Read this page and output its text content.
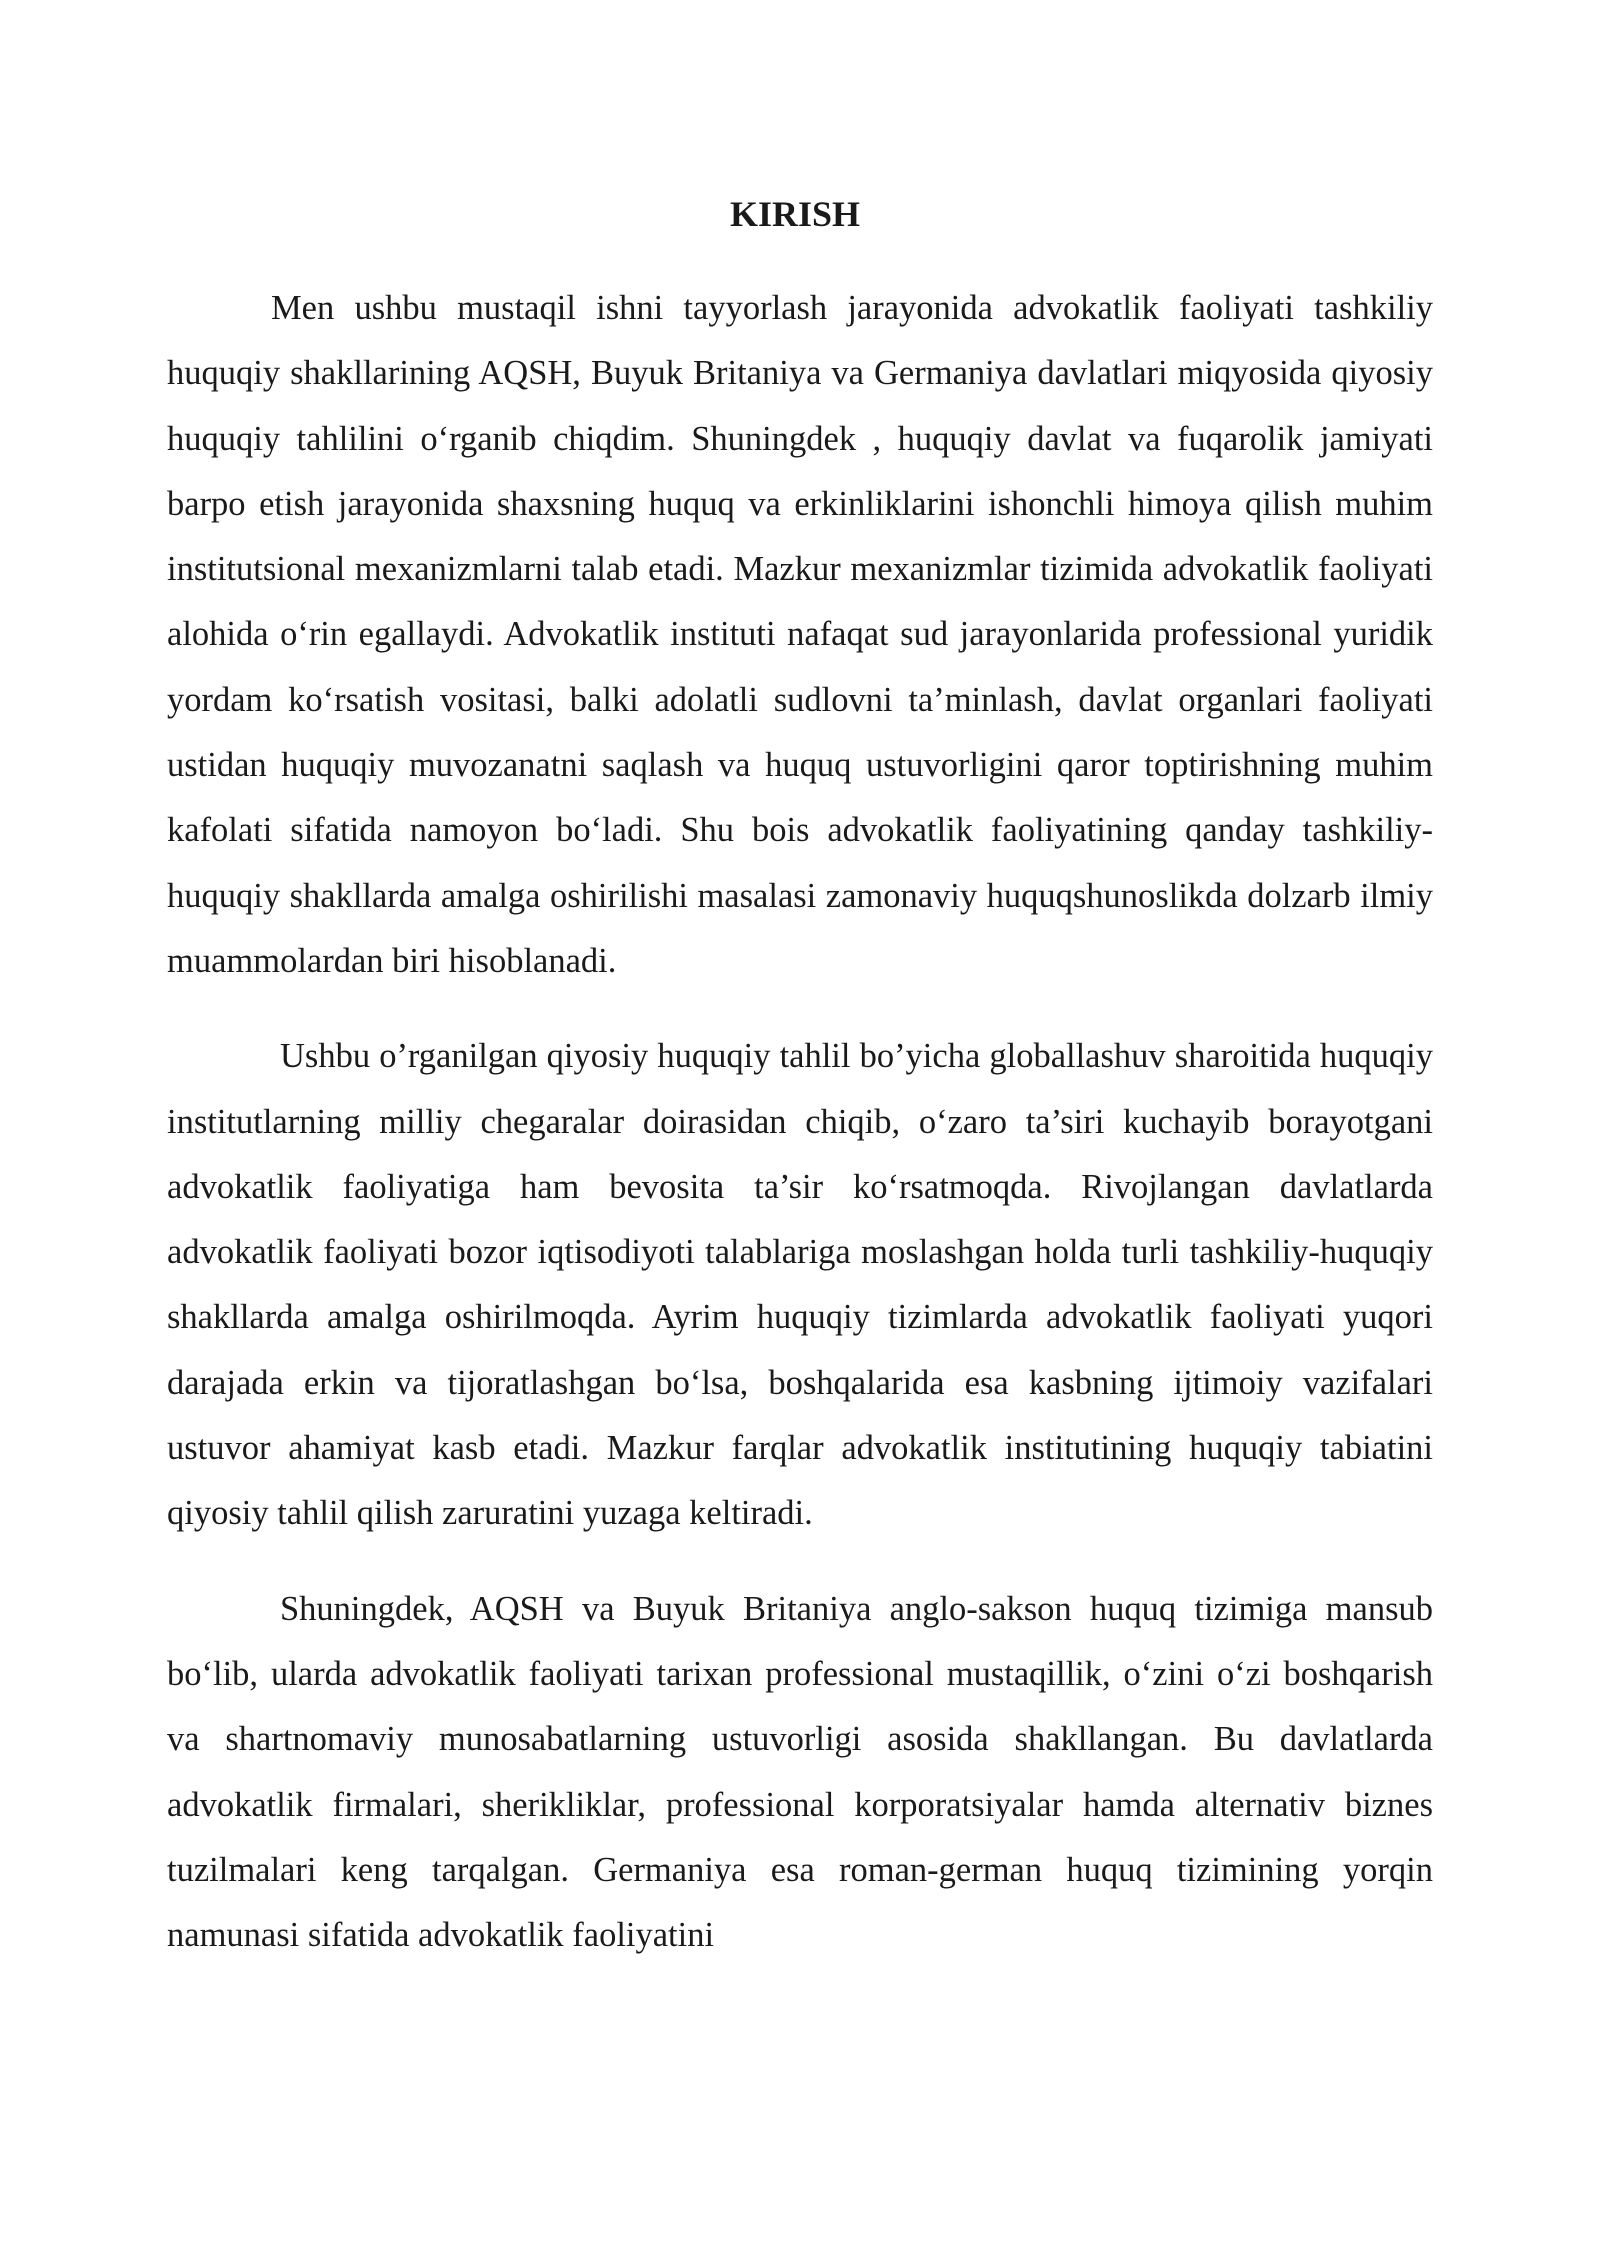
KIRISH

Men ushbu mustaqil ishni tayyorlash jarayonida advokatlik faoliyati tashkiliy huquqiy shakllarining AQSH, Buyuk Britaniya va Germaniya davlatlari miqyosida qiyosiy huquqiy tahlilini o‘rganib chiqdim. Shuningdek , huquqiy davlat va fuqarolik jamiyati barpo etish jarayonida shaxsning huquq va erkinliklarini ishonchli himoya qilish muhim institutsional mexanizmlarni talab etadi. Mazkur mexanizmlar tizimida advokatlik faoliyati alohida o‘rin egallaydi. Advokatlik instituti nafaqat sud jarayonlarida professional yuridik yordam ko‘rsatish vositasi, balki adolatli sudlovni ta’minlash, davlat organlari faoliyati ustidan huquqiy muvozanatni saqlash va huquq ustuvorligini qaror toptirishning muhim kafolati sifatida namoyon bo‘ladi. Shu bois advokatlik faoliyatining qanday tashkiliy-huquqiy shakllarda amalga oshirilishi masalasi zamonaviy huquqshunoslikda dolzarb ilmiy muammolardan biri hisoblanadi.

Ushbu o’rganilgan qiyosiy huquqiy tahlil bo’yicha globallashuv sharoitida huquqiy institutlarning milliy chegaralar doirasidan chiqib, o‘zaro ta’siri kuchayib borayotgani advokatlik faoliyatiga ham bevosita ta’sir ko‘rsatmoqda. Rivojlangan davlatlarda advokatlik faoliyati bozor iqtisodiyoti talablariga moslashgan holda turli tashkiliy-huquqiy shakllarda amalga oshirilmoqda. Ayrim huquqiy tizimlarda advokatlik faoliyati yuqori darajada erkin va tijoratlashgan bo‘lsa, boshqalarida esa kasbning ijtimoiy vazifalari ustuvor ahamiyat kasb etadi. Mazkur farqlar advokatlik institutining huquqiy tabiatini qiyosiy tahlil qilish zaruratini yuzaga keltiradi.

Shuningdek, AQSH va Buyuk Britaniya anglo-sakson huquq tizimiga mansub bo‘lib, ularda advokatlik faoliyati tarixan professional mustaqillik, o‘zini o‘zi boshqarish va shartnomaviy munosabatlarning ustuvorligi asosida shakllangan. Bu davlatlarda advokatlik firmalari, sherikliklar, professional korporatsiyalar hamda alternativ biznes tuzilmalari keng tarqalgan. Germaniya esa roman-german huquq tizimining yorqin namunasi sifatida advokatlik faoliyatini
